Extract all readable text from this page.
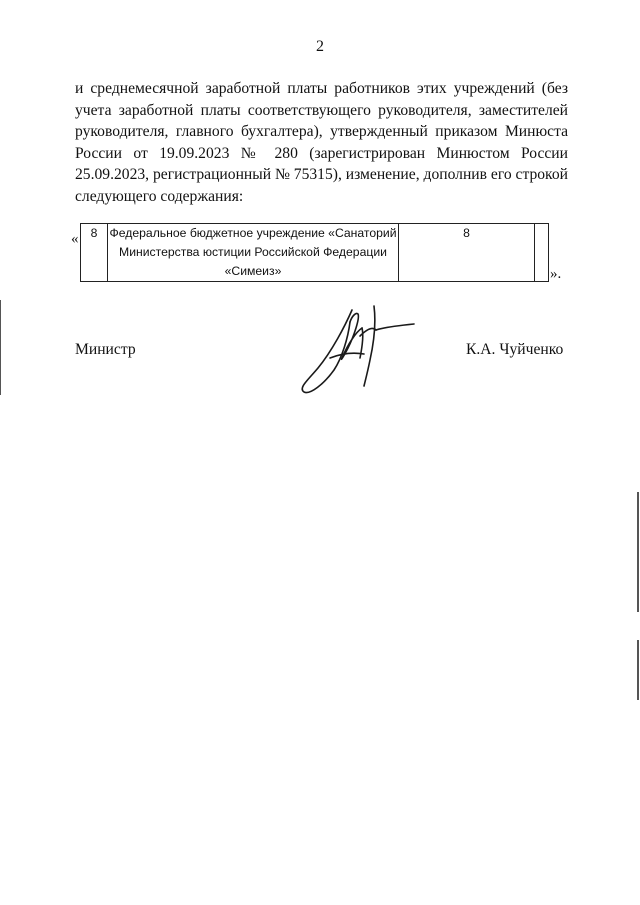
2

и среднемесячной заработной платы работников этих учреждений (без учета заработной платы соответствующего руководителя, заместителей руководителя, главного бухгалтера), утвержденный приказом Минюста России от 19.09.2023 № 280 (зарегистрирован Минюстом России 25.09.2023, регистрационный № 75315), изменение, дополнив его строкой следующего содержания:

« 8	Федеральное бюджетное учреждение «Санаторий Министерства юстиции Российской Федерации «Симеиз»	8	
».
Министр	К.А. Чуйченко
